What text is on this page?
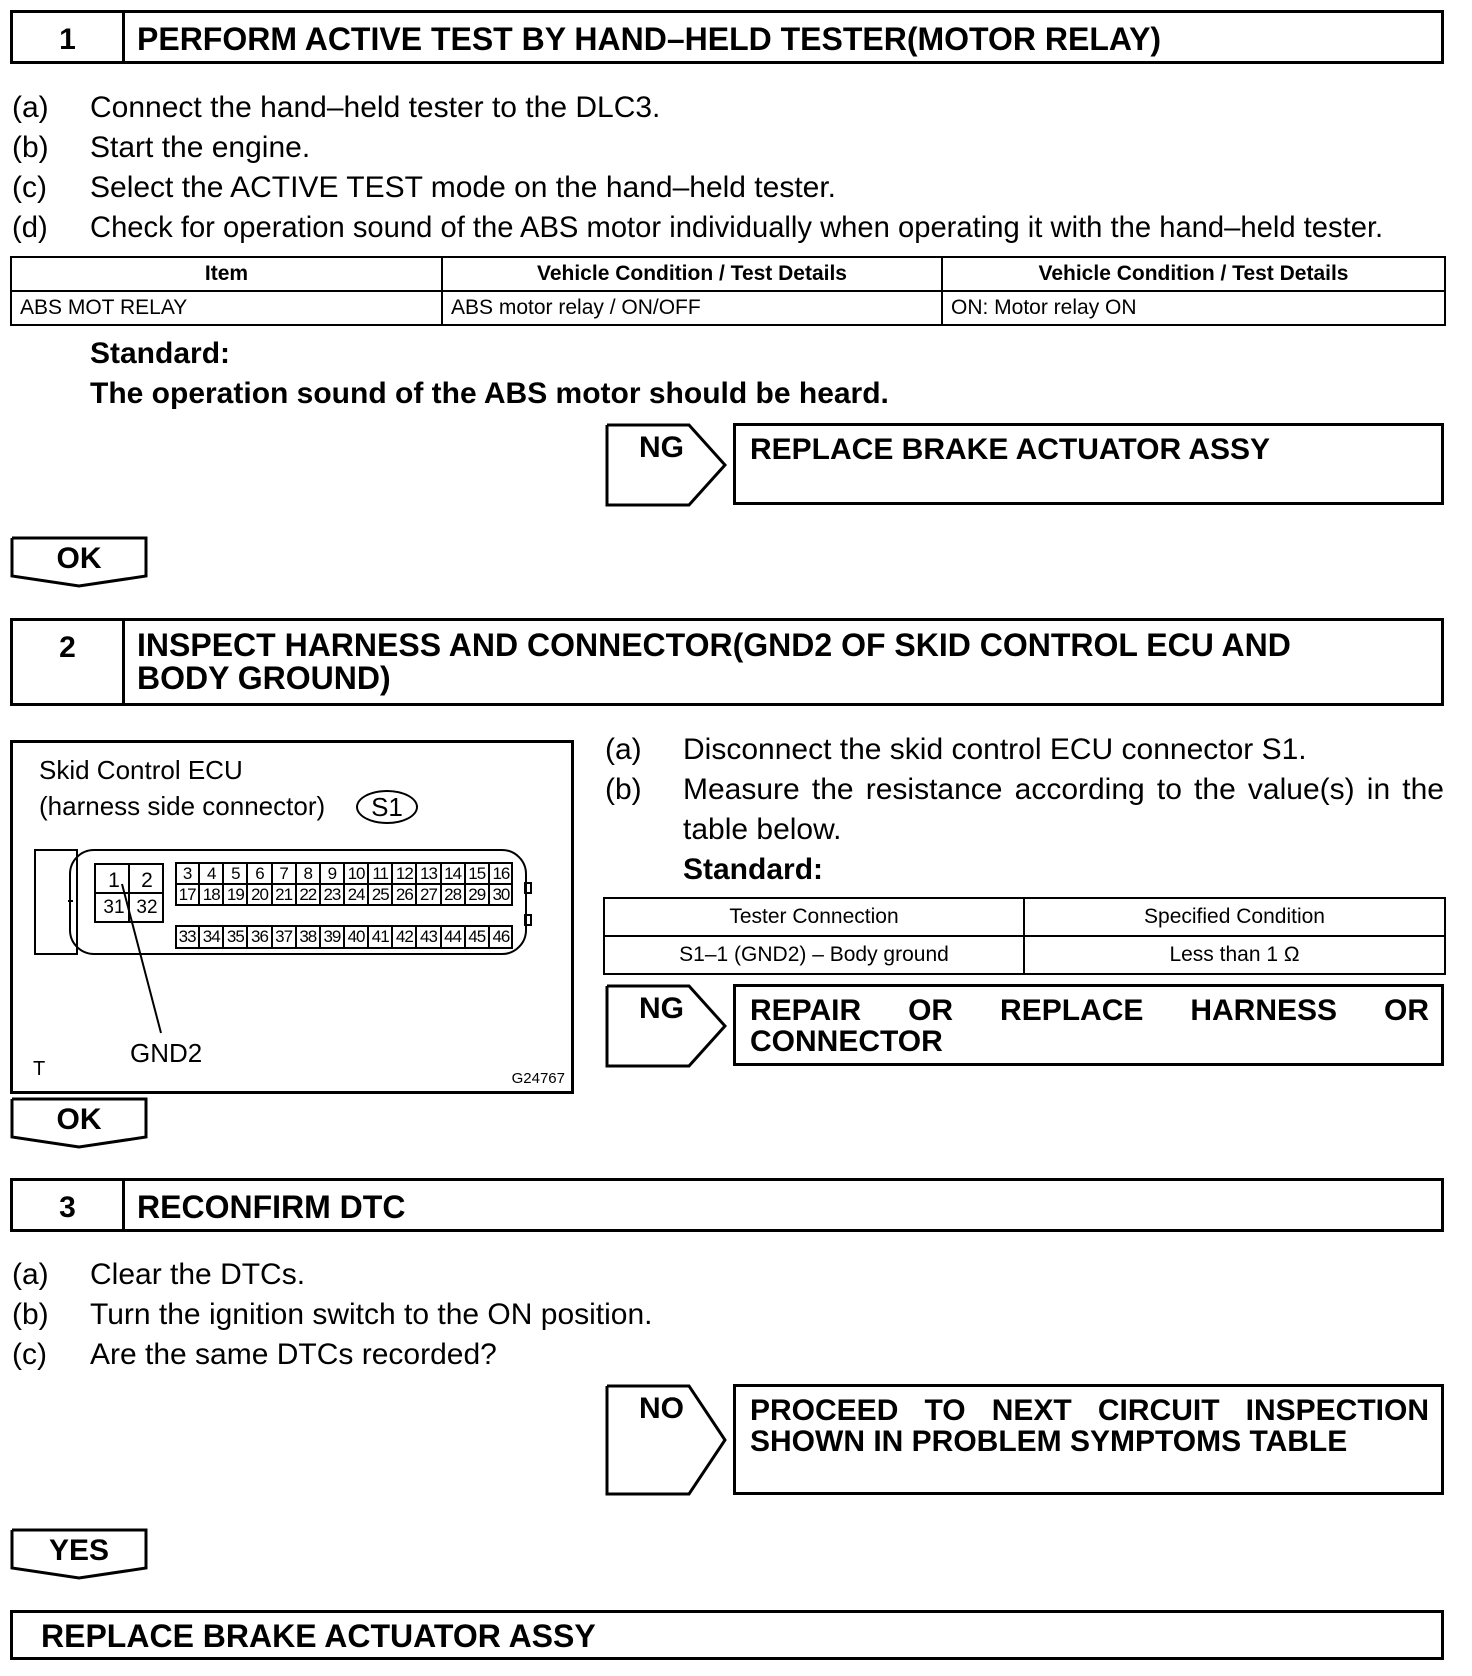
1	PERFORM ACTIVE TEST BY HAND–HELD TESTER(MOTOR RELAY)
(a)	Connect the hand–held tester to the DLC3.
(b)	Start the engine.
(c)	Select the ACTIVE TEST mode on the hand–held tester.
(d)	Check for operation sound of the ABS motor individually when operating it with the hand–held tester.
Item	Vehicle Condition / Test Details	Vehicle Condition / Test Details
ABS MOT RELAY	ABS motor relay / ON/OFF	ON: Motor relay ON
Standard:
The operation sound of the ABS motor should be heard.
NG	REPLACE BRAKE ACTUATOR ASSY
OK
2	INSPECT HARNESS AND CONNECTOR(GND2 OF SKID CONTROL ECU AND
BODY GROUND)
Skid Control ECU
(harness side connector) S1
1	2
31 32
3 4 5 6 7 8 9 10 11 12 13 14 15 16
17 18 19 20 21 22 23 24 25 26 27 28 29 30
33 34 35 36 37 38 39 40 41 42 43 44 45 46
GND2
T	G24767
(a)	Disconnect the skid control ECU connector S1.
(b)	Measure the resistance according to the value(s) in the
table below.
Standard:
Tester Connection	Specified Condition
S1–1 (GND2) – Body ground	Less than 1 Ω
NG REPAIR OR REPLACE HARNESS OR
CONNECTOR
OK
3	RECONFIRM DTC
(a)	Clear the DTCs.
(b)	Turn the ignition switch to the ON position.
(c)	Are the same DTCs recorded?
NO PROCEED TO NEXT CIRCUIT INSPECTION
SHOWN IN PROBLEM SYMPTOMS TABLE
YES
REPLACE BRAKE ACTUATOR ASSY
